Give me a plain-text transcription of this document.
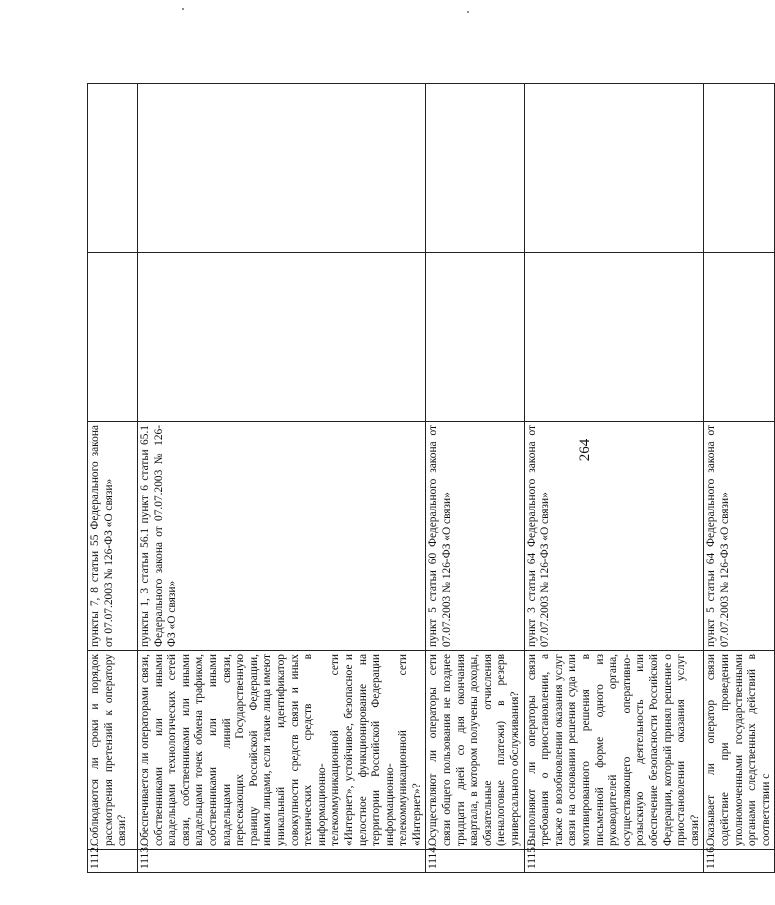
264
1112.	Соблюдаются ли сроки и порядок рассмотрения претензий к оператору связи?	пункты 7, 8 статьи 55 Федерального закона от 07.07.2003 № 126-ФЗ «О связи»		
1113.	Обеспечивается ли операторами связи, собственниками или иными владельцами технологических сетей связи, собственниками или иными владельцами точек обмена трафиком, собственниками или иными владельцами линий связи, пересекающих Государственную границу Российской Федерации, иными лицами, если такие лица имеют уникальный идентификатор совокупности средств связи и иных технических средств в информационно-телекоммуникационной сети «Интернет», устойчивое, безопасное и целостное функционирование на территории Российской Федерации информационно-телекоммуникационной сети «Интернет»?	пункты 1, 3 статьи 56.1 пункт 6 статьи 65.1 Федерального закона от 07.07.2003 № 126-ФЗ «О связи»		
1114.	Осуществляют ли операторы сети связи общего пользования не позднее тридцати дней со дня окончания квартала, в котором получены доходы, обязательные отчисления (неналоговые платежи) в резерв универсального обслуживания?	пункт 5 статьи 60 Федерального закона от 07.07.2003 № 126-ФЗ «О связи»		
1115.	Выполняют ли операторы связи требования о приостановлении, а также о возобновлении оказания услуг связи на основании решения суда или мотивированного решения в письменной форме одного из руководителей органа, осуществляющего оперативно-розыскную деятельность или обеспечение безопасности Российской Федерации, который принял решение о приостановлении оказания услуг связи?	пункт 3 статьи 64 Федерального закона от 07.07.2003 № 126-ФЗ «О связи»		
1116.	Оказывает ли оператор связи содействие при проведении уполномоченными государственными органами следственных действий в соответствии с	пункт 5 статьи 64 Федерального закона от 07.07.2003 № 126-ФЗ «О связи»		
